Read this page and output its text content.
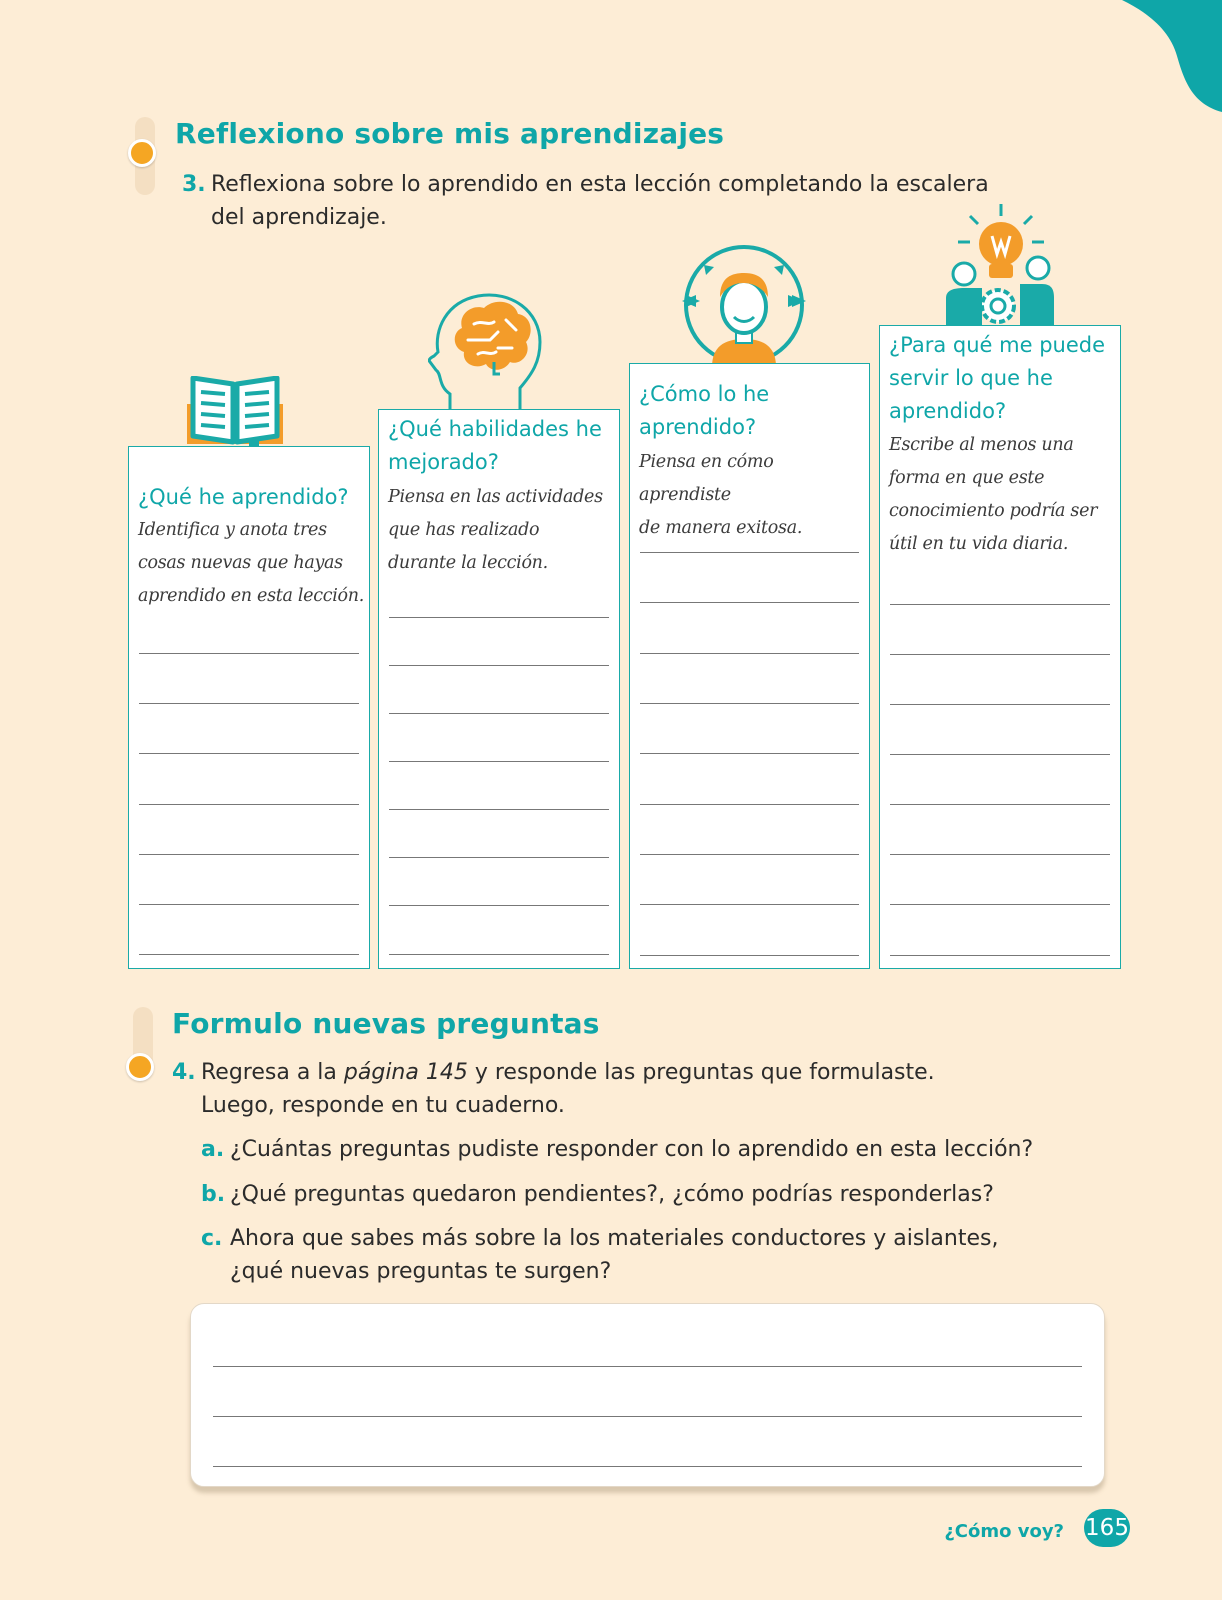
Reflexiono sobre mis aprendizajes
3. Reflexiona sobre lo aprendido en esta lección completando la escalera
del aprendizaje.

¿Qué he aprendido?

Identifica y anota tres
cosas nuevas que hayas
aprendido en esta lección.
¿Qué habilidades he
mejorado?
Piensa en las actividades
que has realizado
durante la lección.
¿Cómo lo he
aprendido?
Piensa en cómo aprendiste
de manera exitosa.
¿Para qué me puede
servir lo que he
aprendido?
Escribe al menos una
forma en que este
conocimiento podría ser
útil en tu vida diaria.
Formulo nuevas preguntas
4. Regresa a la página 145 y responde las preguntas que formulaste.
Luego, responde en tu cuaderno.
a. ¿Cuántas preguntas pudiste responder con lo aprendido en esta lección?
b. ¿Qué preguntas quedaron pendientes?, ¿cómo podrías responderlas?
c. Ahora que sabes más sobre la los materiales conductores y aislantes,
¿qué nuevas preguntas te surgen?
¿Cómo voy? 165
